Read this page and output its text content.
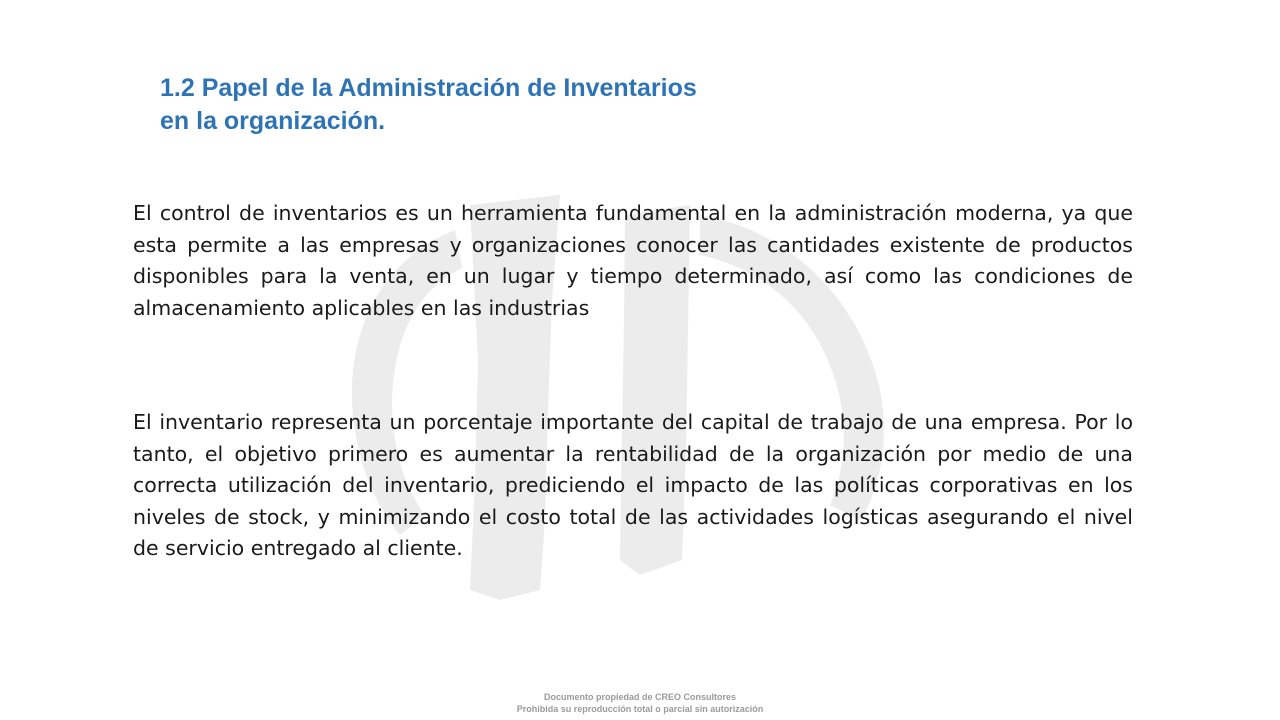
1.2 Papel de la Administración de Inventarios
en la organización.

El control de inventarios es un herramienta fundamental en la administración moderna, ya que esta permite a las empresas y organizaciones conocer las cantidades existente de productos disponibles para la venta, en un lugar y tiempo determinado, así como las condiciones de almacenamiento aplicables en las industrias

El inventario representa un porcentaje importante del capital de trabajo de una empresa. Por lo tanto, el objetivo primero es aumentar la rentabilidad de la organización por medio de una correcta utilización del inventario, prediciendo el impacto de las políticas corporativas en los niveles de stock, y minimizando el costo total de las actividades logísticas asegurando el nivel de servicio entregado al cliente.

Documento propiedad de CREO Consultores
Prohibida su reproducción total o parcial sin autorización
